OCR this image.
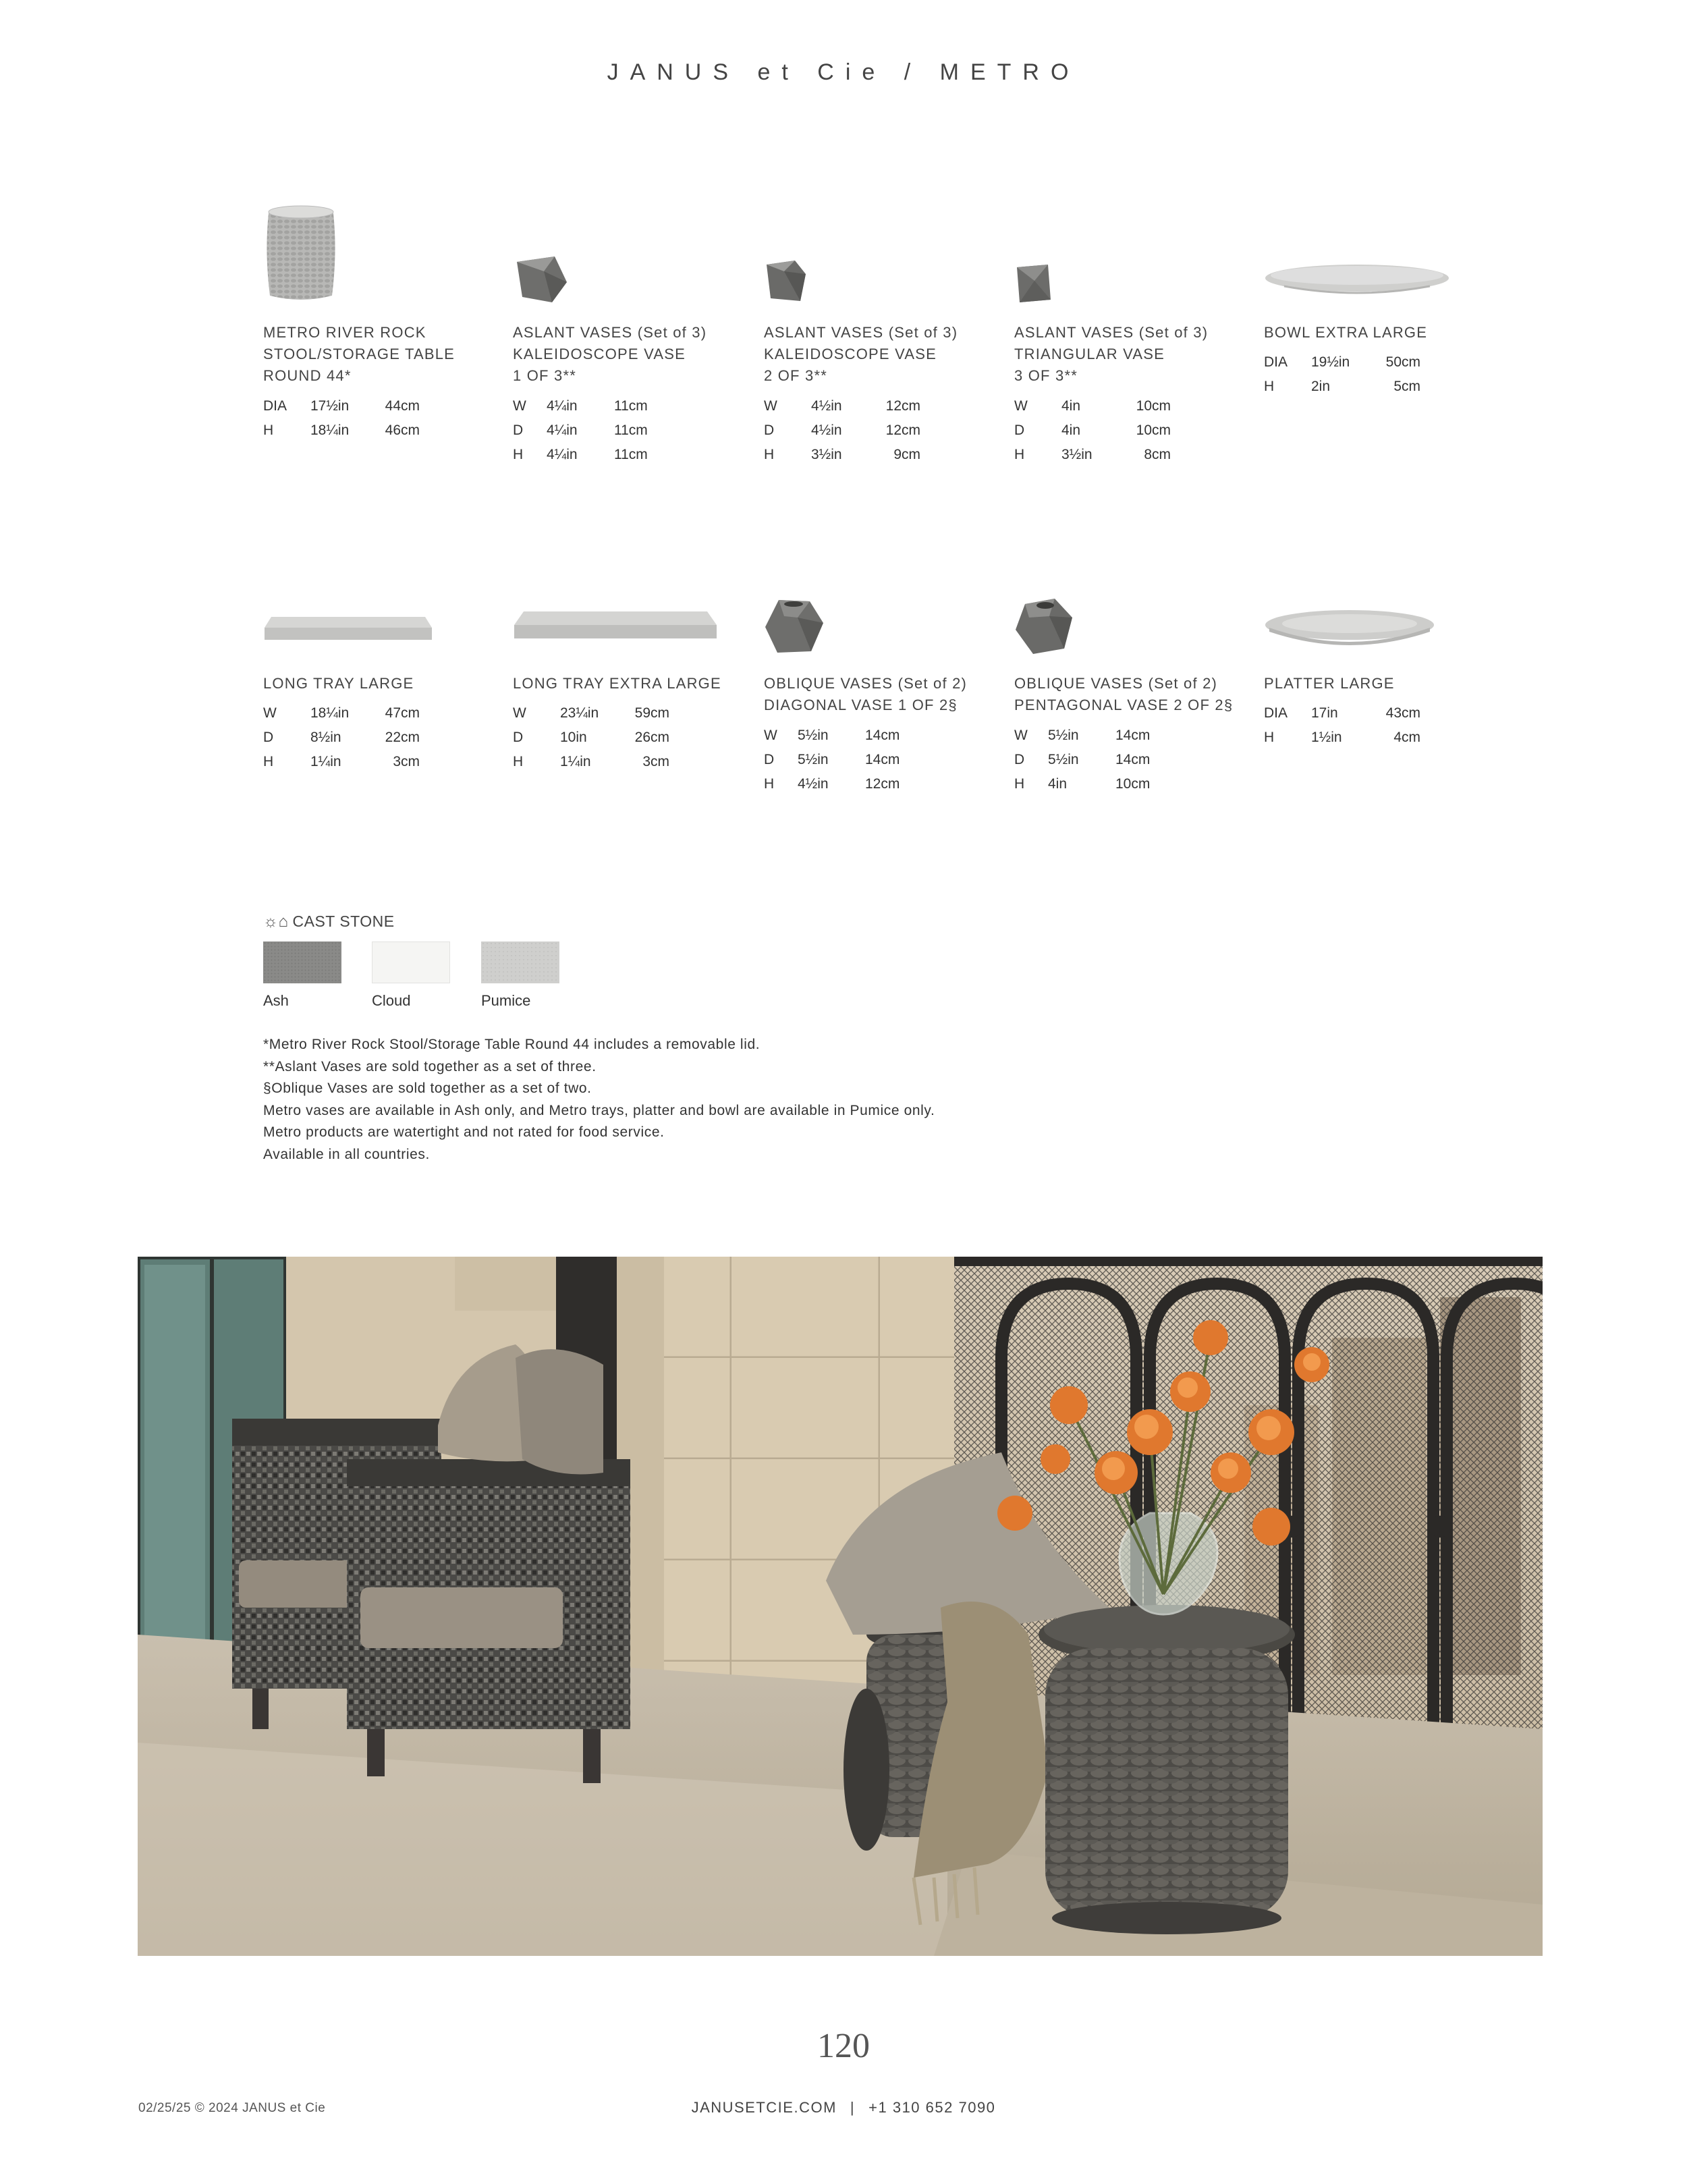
JANUS et Cie / METRO
METRO RIVER ROCK
STOOL/STORAGE TABLE
ROUND 44*
DIA 17½in	44cm
H	18¼in	46cm
ASLANT VASES (Set of 3)
KALEIDOSCOPE VASE
1 OF 3**
W 4¼in	11cm
D 4¼in	11cm
H 4¼in	11cm
ASLANT VASES (Set of 3)
KALEIDOSCOPE VASE
2 OF 3**
W 4½in	12cm
D	4½in	12cm
H	3½in	9cm
ASLANT VASES (Set of 3)
TRIANGULAR VASE
3 OF 3**
W 4in	10cm
D	4in	10cm
H	3½in	8cm
BOWL EXTRA LARGE
DIA 19½in	50cm
H	2in	5cm
LONG TRAY LARGE
W 18¼in	47cm
D	8½in	22cm
H	1¼in	3cm
LONG TRAY EXTRA LARGE
W 23¼in	59cm
D	10in	26cm
H	1¼in	3cm
OBLIQUE VASES (Set of 2)
DIAGONAL VASE 1 OF 2§
W 5½in	14cm
D 5½in	14cm
H 4½in	12cm
OBLIQUE VASES (Set of 2)
PENTAGONAL VASE 2 OF 2§
W 5½in	14cm
D 5½in	14cm
H 4in	10cm
PLATTER LARGE
DIA 17in	43cm
H	1½in	4cm
☼⌂ CAST STONE
Ash	Cloud	Pumice
*Metro River Rock Stool/Storage Table Round 44 includes a removable lid.
**Aslant Vases are sold together as a set of three.
§Oblique Vases are sold together as a set of two.
Metro vases are available in Ash only, and Metro trays, platter and bowl are available in Pumice only.
Metro products are watertight and not rated for food service.
Available in all countries.
120
02/25/25 © 2024 JANUS et Cie	JANUSETCIE.COM | +1 310 652 7090
